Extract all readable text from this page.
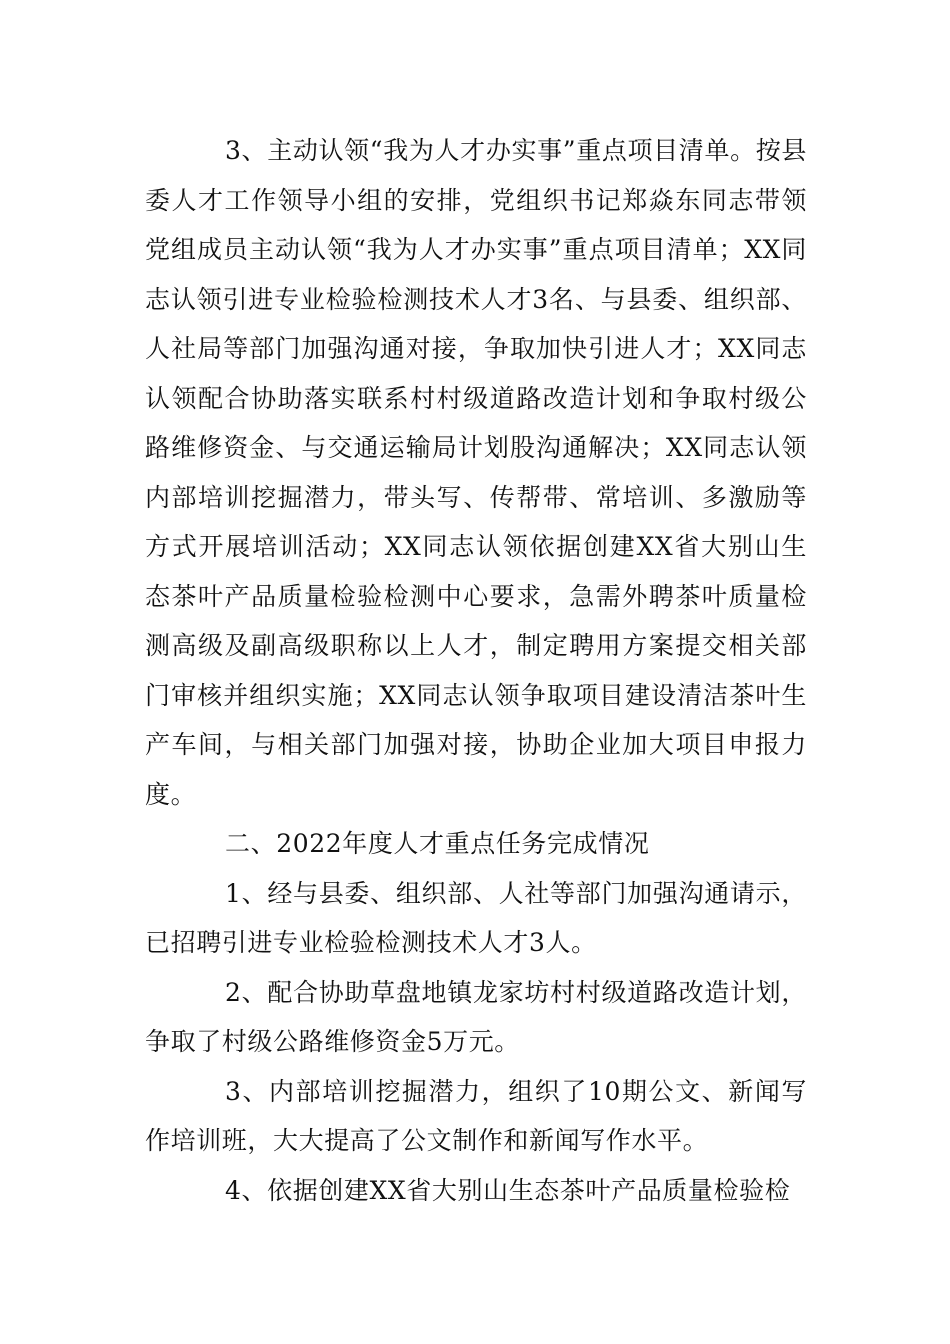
3、主动认领“我为人才办实事”重点项目清单。按县委人才工作领导小组的安排，党组织书记郑焱东同志带领党组成员主动认领“我为人才办实事”重点项目清单；XX同志认领引进专业检验检测技术人才3名、与县委、组织部、人社局等部门加强沟通对接，争取加快引进人才；XX同志认领配合协助落实联系村村级道路改造计划和争取村级公路维修资金、与交通运输局计划股沟通解决；XX同志认领内部培训挖掘潜力，带头写、传帮带、常培训、多激励等方式开展培训活动；XX同志认领依据创建XX省大别山生态茶叶产品质量检验检测中心要求，急需外聘茶叶质量检测高级及副高级职称以上人才，制定聘用方案提交相关部门审核并组织实施；XX同志认领争取项目建设清洁茶叶生产车间，与相关部门加强对接，协助企业加大项目申报力度。

二、2022年度人才重点任务完成情况

1、经与县委、组织部、人社等部门加强沟通请示，已招聘引进专业检验检测技术人才3人。

2、配合协助草盘地镇龙家坊村村级道路改造计划，争取了村级公路维修资金5万元。

3、内部培训挖掘潜力，组织了10期公文、新闻写作培训班，大大提高了公文制作和新闻写作水平。

4、依据创建XX省大别山生态茶叶产品质量检验检
